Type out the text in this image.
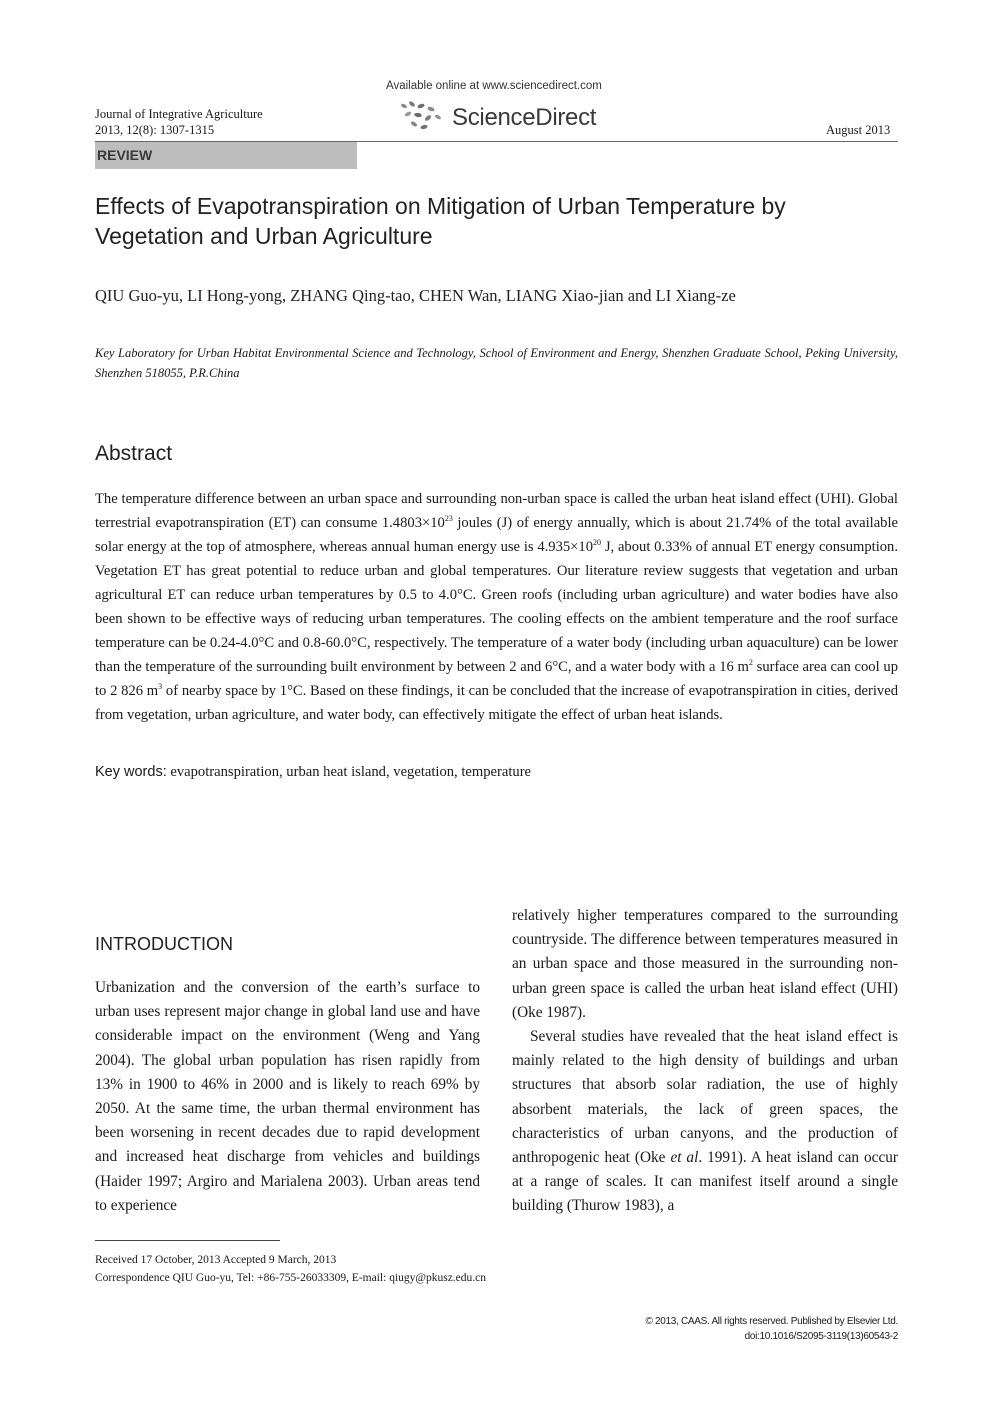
Journal of Integrative Agriculture
2013, 12(8): 1307-1315
Available online at www.sciencedirect.com
ScienceDirect	August 2013
REVIEW
Effects of Evapotranspiration on Mitigation of Urban Temperature by Vegetation and Urban Agriculture
QIU Guo-yu, LI Hong-yong, ZHANG Qing-tao, CHEN Wan, LIANG Xiao-jian and LI Xiang-ze
Key Laboratory for Urban Habitat Environmental Science and Technology, School of Environment and Energy, Shenzhen Graduate School, Peking University, Shenzhen 518055, P.R.China
Abstract
The temperature difference between an urban space and surrounding non-urban space is called the urban heat island effect (UHI). Global terrestrial evapotranspiration (ET) can consume $1.4803\times 10^{23}$ joules (J) of energy annually, which is about 21.74% of the total available solar energy at the top of atmosphere, whereas annual human energy use is $4.935\times 10^{20}$ J, about 0.33% of annual ET energy consumption. Vegetation ET has great potential to reduce urban and global temperatures. Our literature review suggests that vegetation and urban agricultural ET can reduce urban temperatures by 0.5 to 4.0°C. Green roofs (including urban agriculture) and water bodies have also been shown to be effective ways of reducing urban temperatures. The cooling effects on the ambient temperature and the roof surface temperature can be 0.24-4.0°C and 0.8-60.0°C, respectively. The temperature of a water body (including urban aquaculture) can be lower than the temperature of the surrounding built environment by between 2 and 6°C, and a water body with a 16 $m^2$ surface area can cool up to 2 826 $m^3$ of nearby space by 1°C. Based on these findings, it can be concluded that the increase of evapotranspiration in cities, derived from vegetation, urban agriculture, and water body, can effectively mitigate the effect of urban heat islands.
Key words: evapotranspiration, urban heat island, vegetation, temperature
INTRODUCTION

Urbanization and the conversion of the earth’s surface to urban uses represent major change in global land use and have considerable impact on the environment (Weng and Yang 2004). The global urban population has risen rapidly from 13% in 1900 to 46% in 2000 and is likely to reach 69% by 2050. At the same time, the urban thermal environment has been worsening in recent decades due to rapid development and increased heat discharge from vehicles and buildings (Haider 1997; Argiro and Marialena 2003). Urban areas tend to experience

relatively higher temperatures compared to the surrounding countryside. The difference between temperatures measured in an urban space and those measured in the surrounding non-urban green space is called the urban heat island effect (UHI) (Oke 1987).

Several studies have revealed that the heat island effect is mainly related to the high density of buildings and urban structures that absorb solar radiation, the use of highly absorbent materials, the lack of green spaces, the characteristics of urban canyons, and the production of anthropogenic heat (Oke et al. 1991). A heat island can occur at a range of scales. It can manifest itself around a single building (Thurow 1983), a

Received 17 October, 2013 Accepted 9 March, 2013
Correspondence QIU Guo-yu, Tel: +86-755-26033309, E-mail: qiugy@pkusz.edu.cn
© 2013, CAAS. All rights reserved. Published by Elsevier Ltd.
doi:10.1016/S2095-3119(13)60543-2
